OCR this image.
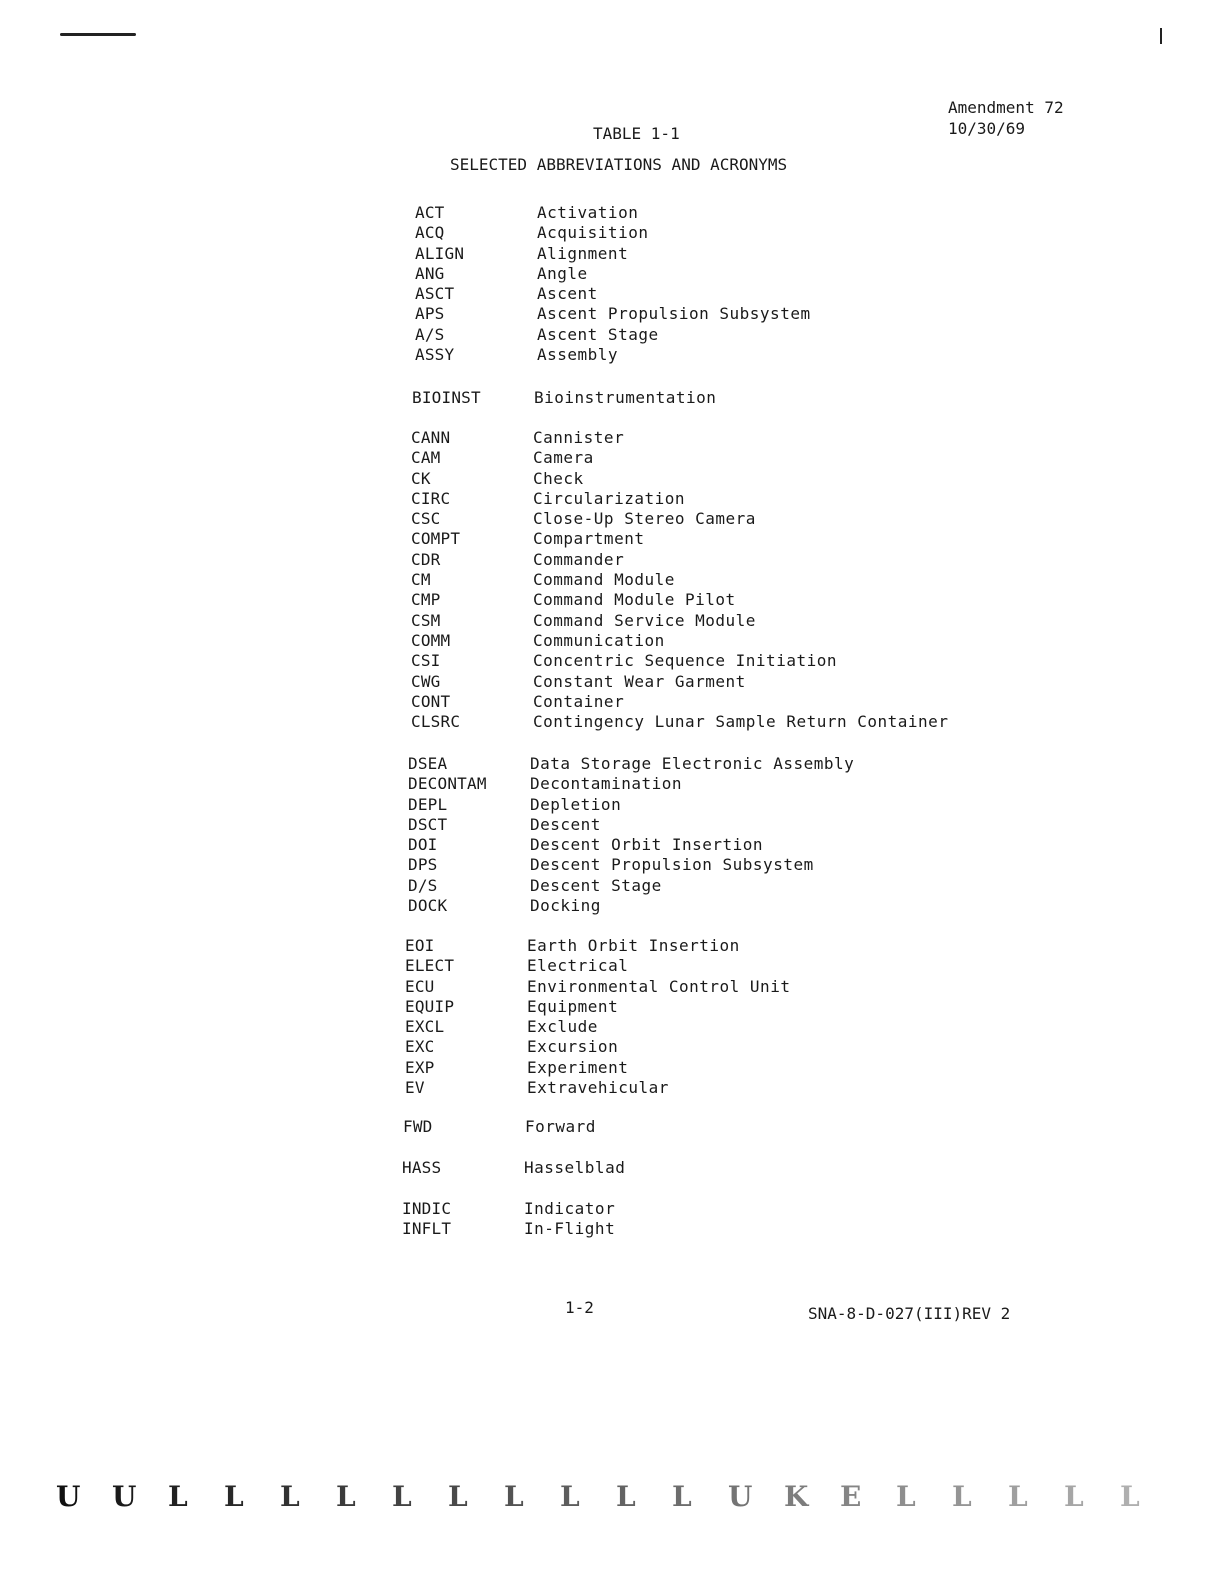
Amendment 72
10/30/69
TABLE 1-1
SELECTED ABBREVIATIONS AND ACRONYMS
ACT	Activation
ACQ	Acquisition
ALIGN	Alignment
ANG	Angle
ASCT	Ascent
APS	Ascent Propulsion Subsystem
A/S	Ascent Stage
ASSY	Assembly
BIOINST	Bioinstrumentation
CANN	Cannister
CAM	Camera
CK	Check
CIRC	Circularization
CSC	Close-Up Stereo Camera
COMPT	Compartment
CDR	Commander
CM	Command Module
CMP	Command Module Pilot
CSM	Command Service Module
COMM	Communication
CSI	Concentric Sequence Initiation
CWG	Constant Wear Garment
CONT	Container
CLSRC	Contingency Lunar Sample Return Container
DSEA	Data Storage Electronic Assembly
DECONTAM	Decontamination
DEPL	Depletion
DSCT	Descent
DOI	Descent Orbit Insertion
DPS	Descent Propulsion Subsystem
D/S	Descent Stage
DOCK	Docking
EOI	Earth Orbit Insertion
ELECT	Electrical
ECU	Environmental Control Unit
EQUIP	Equipment
EXCL	Exclude
EXC	Excursion
EXP	Experiment
EV	Extravehicular
FWD	Forward
HASS	Hasselblad
INDIC	Indicator
INFLT	In-Flight
1-2	SNA-8-D-027(III)REV 2
U U L L L L L L L L L L U K E L L L L L
